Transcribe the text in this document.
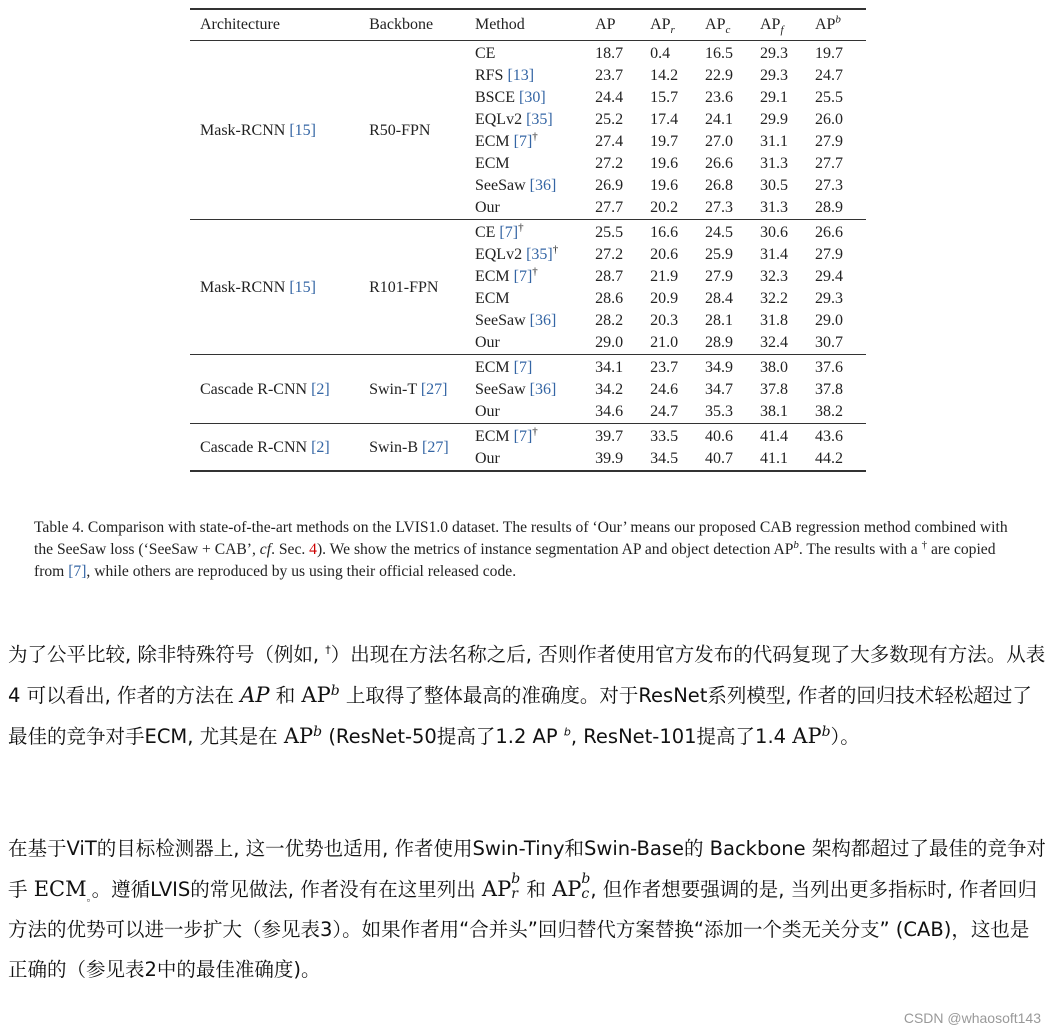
Architecture	Backbone	Method	AP	$AP_r$	$AP_c$	$AP_f$	$AP^b$
Mask-RCNN [15]	R50-FPN	CE	18.7	0.4	16.5	29.3	19.7
		RFS [13]	23.7	14.2	22.9	29.3	24.7
		BSCE [30]	24.4	15.7	23.6	29.1	25.5
		EQLv2 [35]	25.2	17.4	24.1	29.9	26.0
		ECM [7]†	27.4	19.7	27.0	31.1	27.9
		ECM	27.2	19.6	26.6	31.3	27.7
		SeeSaw [36]	26.9	19.6	26.8	30.5	27.3
		Our	27.7	20.2	27.3	31.3	28.9
Mask-RCNN [15]	R101-FPN	CE [7]†	25.5	16.6	24.5	30.6	26.6
		EQLv2 [35]†	27.2	20.6	25.9	31.4	27.9
		ECM [7]†	28.7	21.9	27.9	32.3	29.4
		ECM	28.6	20.9	28.4	32.2	29.3
		SeeSaw [36]	28.2	20.3	28.1	31.8	29.0
		Our	29.0	21.0	28.9	32.4	30.7
Cascade R-CNN [2]	Swin-T [27]	ECM [7]	34.1	23.7	34.9	38.0	37.6
		SeeSaw [36]	34.2	24.6	34.7	37.8	37.8
		Our	34.6	24.7	35.3	38.1	38.2
Cascade R-CNN [2]	Swin-B [27]	ECM [7]†	39.7	33.5	40.6	41.4	43.6
		Our	39.9	34.5	40.7	41.1	44.2
Table 4. Comparison with state-of-the-art methods on the LVIS1.0 dataset. The results of ‘Our’ means our proposed CAB regression method combined with the SeeSaw loss (‘SeeSaw + CAB’, cf. Sec. 4). We show the metrics of instance segmentation AP and object detection $AP^b$. The results with a † are copied from [7], while others are reproduced by us using their official released code.
为了公平比较, 除非特殊符号（例如, †）出现在方法名称之后, 否则作者使用官方发布的代码复现了大多数现有方法。从表 4 可以看出, 作者的方法在 AP 和 $AP^b$ 上取得了整体最高的准确度。对于ResNet系列模型, 作者的回归技术轻松超过了最佳的竞争对手ECM, 尤其是在 $AP^b$ (ResNet-50提高了1.2 AP $^b$, ResNet-101提高了1.4 $AP^b$）。
在基于ViT的目标检测器上, 这一优势也适用, 作者使用Swin-Tiny和Swin-Base的 Backbone 架构都超过了最佳的竞争对手 $ECM_。$。遵循LVIS的常见做法, 作者没有在这里列出 AP b
r 和 AP b
c , 但作者想要强调的是, 当列出更多指标时, 作者回归方法的优势可以进一步扩大（参见表3）。如果作者用“合并头”回归替代方案替换“添加一个类无关分支” (CAB)，这也是正确的（参见表2中的最佳准确度)。
CSDN @whaosoft143
